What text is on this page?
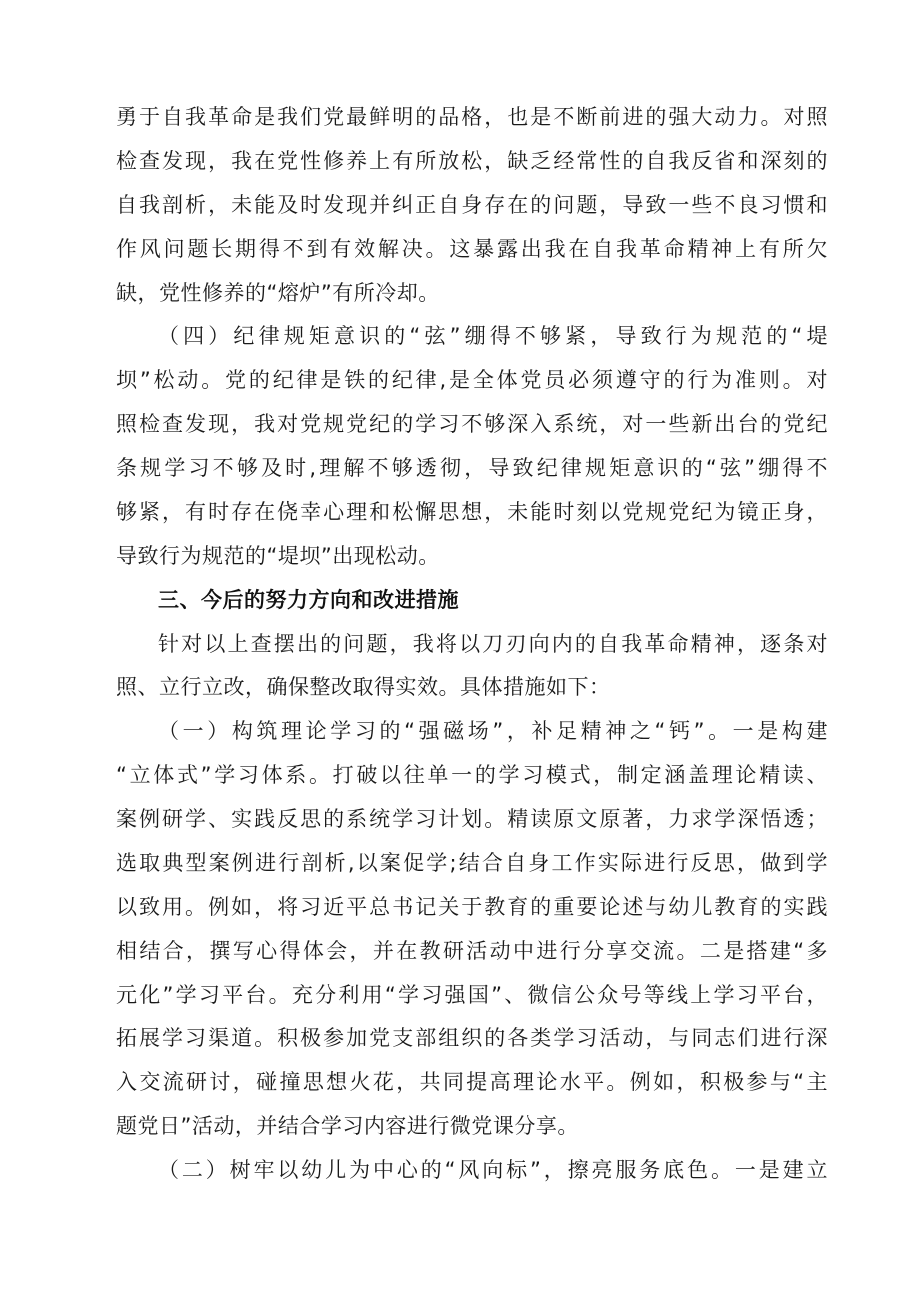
勇于自我革命是我们党最鲜明的品格，也是不断前进的强大动力。对照
检查发现，我在党性修养上有所放松，缺乏经常性的自我反省和深刻的
自我剖析，未能及时发现并纠正自身存在的问题，导致一些不良习惯和
作风问题长期得不到有效解决。这暴露出我在自我革命精神上有所欠
缺，党性修养的“熔炉”有所冷却。
（四）纪律规矩意识的“弦”绷得不够紧，导致行为规范的“堤
坝”松动。党的纪律是铁的纪律,是全体党员必须遵守的行为准则。对
照检查发现，我对党规党纪的学习不够深入系统，对一些新出台的党纪
条规学习不够及时,理解不够透彻，导致纪律规矩意识的“弦”绷得不
够紧，有时存在侥幸心理和松懈思想，未能时刻以党规党纪为镜正身，
导致行为规范的“堤坝”出现松动。
三、今后的努力方向和改进措施
针对以上查摆出的问题，我将以刀刃向内的自我革命精神，逐条对
照、立行立改，确保整改取得实效。具体措施如下：
（一）构筑理论学习的“强磁场”，补足精神之“钙”。一是构建
“立体式”学习体系。打破以往单一的学习模式，制定涵盖理论精读、
案例研学、实践反思的系统学习计划。精读原文原著，力求学深悟透；
选取典型案例进行剖析,以案促学;结合自身工作实际进行反思，做到学
以致用。例如，将习近平总书记关于教育的重要论述与幼儿教育的实践
相结合，撰写心得体会，并在教研活动中进行分享交流。二是搭建“多
元化”学习平台。充分利用“学习强国”、微信公众号等线上学习平台，
拓展学习渠道。积极参加党支部组织的各类学习活动，与同志们进行深
入交流研讨，碰撞思想火花，共同提高理论水平。例如，积极参与“主
题党日”活动，并结合学习内容进行微党课分享。
（二）树牢以幼儿为中心的“风向标”，擦亮服务底色。一是建立
